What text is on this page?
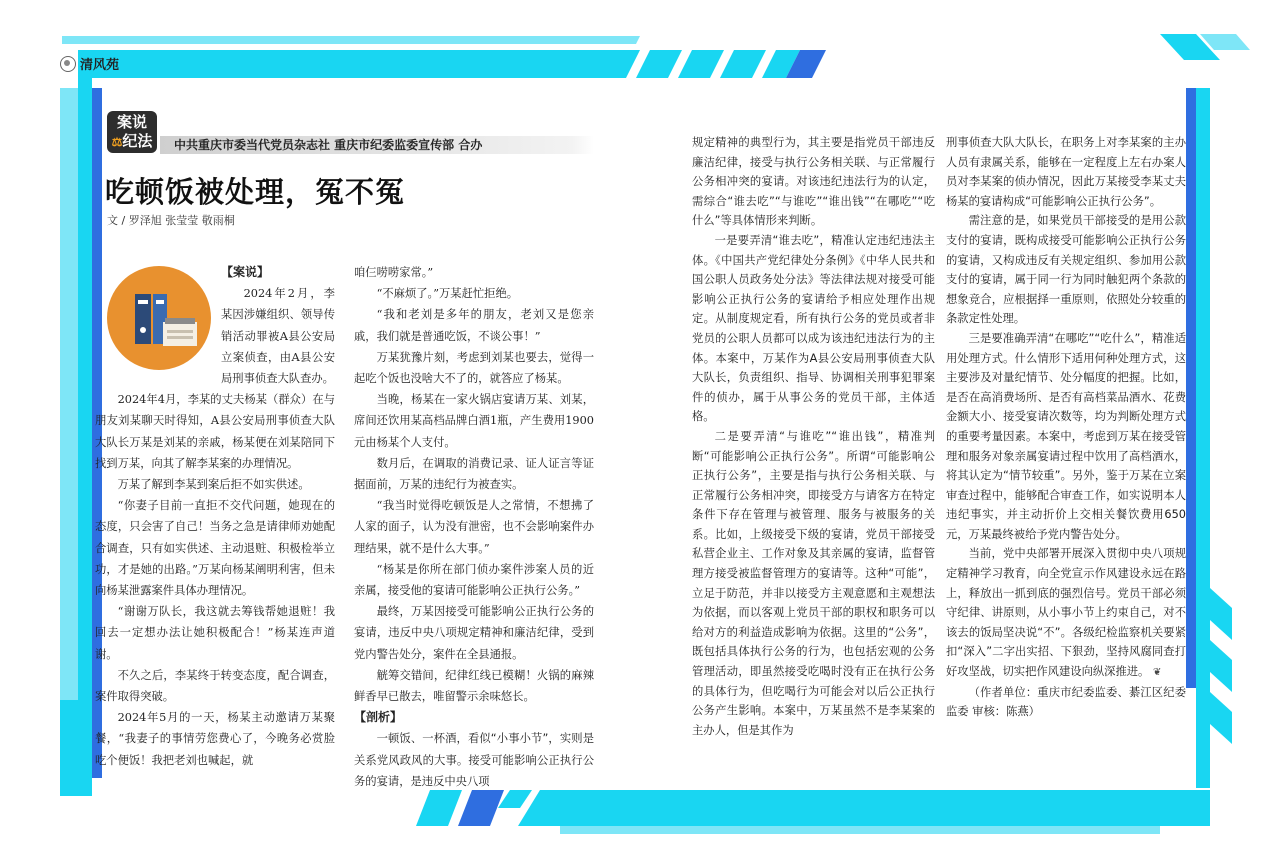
清风苑
案说
⚖纪法	中共重庆市委当代党员杂志社 重庆市纪委监委宣传部 合办
吃顿饭被处理，冤不冤
文 / 罗泽旭 张莹莹 敬雨桐

【案说】

2024年2月，李某因涉嫌组织、领导传销活动罪被A县公安局立案侦查，由A县公安局刑事侦查大队查办。

2024年4月，李某的丈夫杨某（群众）在与朋友刘某聊天时得知，A县公安局刑事侦查大队大队长万某是刘某的亲戚，杨某便在刘某陪同下找到万某，向其了解李某案的办理情况。

万某了解到李某到案后拒不如实供述。

“你妻子目前一直拒不交代问题，她现在的态度，只会害了自己！当务之急是请律师劝她配合调查，只有如实供述、主动退赃、积极检举立功，才是她的出路。”万某向杨某阐明利害，但未向杨某泄露案件具体办理情况。

“谢谢万队长，我这就去筹钱帮她退赃！我回去一定想办法让她积极配合！”杨某连声道谢。

不久之后，李某终于转变态度，配合调查，案件取得突破。

2024年5月的一天，杨某主动邀请万某聚餐，“我妻子的事情劳您费心了，今晚务必赏脸吃个便饭！我把老刘也喊起，就

咱仨唠唠家常。”

“不麻烦了。”万某赶忙拒绝。

“我和老刘是多年的朋友，老刘又是您亲戚，我们就是普通吃饭，不谈公事！”

万某犹豫片刻，考虑到刘某也要去，觉得一起吃个饭也没啥大不了的，就答应了杨某。

当晚，杨某在一家火锅店宴请万某、刘某，席间还饮用某高档品牌白酒1瓶，产生费用1900元由杨某个人支付。

数月后，在调取的消费记录、证人证言等证据面前，万某的违纪行为被查实。

“我当时觉得吃顿饭是人之常情，不想拂了人家的面子，认为没有泄密，也不会影响案件办理结果，就不是什么大事。”

“杨某是你所在部门侦办案件涉案人员的近亲属，接受他的宴请可能影响公正执行公务。”

最终，万某因接受可能影响公正执行公务的宴请，违反中央八项规定精神和廉洁纪律，受到党内警告处分，案件在全县通报。

觥筹交错间，纪律红线已模糊！火锅的麻辣鲜香早已散去，唯留警示余味悠长。

【剖析】

一顿饭、一杯酒，看似“小事小节”，实则是关系党风政风的大事。接受可能影响公正执行公务的宴请，是违反中央八项

规定精神的典型行为，其主要是指党员干部违反廉洁纪律，接受与执行公务相关联、与正常履行公务相冲突的宴请。对该违纪违法行为的认定，需综合“谁去吃”“与谁吃”“谁出钱”“在哪吃”“吃什么”等具体情形来判断。

一是要弄清“谁去吃”，精准认定违纪违法主体。《中国共产党纪律处分条例》《中华人民共和国公职人员政务处分法》等法律法规对接受可能影响公正执行公务的宴请给予相应处理作出规定。从制度规定看，所有执行公务的党员或者非党员的公职人员都可以成为该违纪违法行为的主体。本案中，万某作为A县公安局刑事侦查大队大队长，负责组织、指导、协调相关刑事犯罪案件的侦办，属于从事公务的党员干部，主体适格。

二是要弄清“与谁吃”“谁出钱”，精准判断“可能影响公正执行公务”。所谓“可能影响公正执行公务”，主要是指与执行公务相关联、与正常履行公务相冲突，即接受方与请客方在特定条件下存在管理与被管理、服务与被服务的关系。比如，上级接受下级的宴请，党员干部接受私营企业主、工作对象及其亲属的宴请，监督管理方接受被监督管理方的宴请等。这种“可能”，立足于防范，并非以接受方主观意愿和主观想法为依据，而以客观上党员干部的职权和职务可以给对方的利益造成影响为依据。这里的“公务”，既包括具体执行公务的行为，也包括宏观的公务管理活动，即虽然接受吃喝时没有正在执行公务的具体行为，但吃喝行为可能会对以后公正执行公务产生影响。本案中，万某虽然不是李某案的主办人，但是其作为

刑事侦查大队大队长，在职务上对李某案的主办人员有隶属关系，能够在一定程度上左右办案人员对李某案的侦办情况，因此万某接受李某丈夫杨某的宴请构成“可能影响公正执行公务”。

需注意的是，如果党员干部接受的是用公款支付的宴请，既构成接受可能影响公正执行公务的宴请，又构成违反有关规定组织、参加用公款支付的宴请，属于同一行为同时触犯两个条款的想象竞合，应根据择一重原则，依照处分较重的条款定性处理。

三是要准确弄清“在哪吃”“吃什么”，精准适用处理方式。什么情形下适用何种处理方式，这主要涉及对量纪情节、处分幅度的把握。比如，是否在高消费场所、是否有高档菜品酒水、花费金额大小、接受宴请次数等，均为判断处理方式的重要考量因素。本案中，考虑到万某在接受管理和服务对象亲属宴请过程中饮用了高档酒水，将其认定为“情节较重”。另外，鉴于万某在立案审查过程中，能够配合审查工作，如实说明本人违纪事实，并主动折价上交相关餐饮费用650元，万某最终被给予党内警告处分。

当前，党中央部署开展深入贯彻中央八项规定精神学习教育，向全党宣示作风建设永远在路上，释放出一抓到底的强烈信号。党员干部必须守纪律、讲原则，从小事小节上约束自己，对不该去的饭局坚决说“不”。各级纪检监察机关要紧扣“深入”二字出实招、下狠劲，坚持风腐同查打好攻坚战，切实把作风建设向纵深推进。 ❦

（作者单位：重庆市纪委监委、綦江区纪委监委 审核：陈燕）
